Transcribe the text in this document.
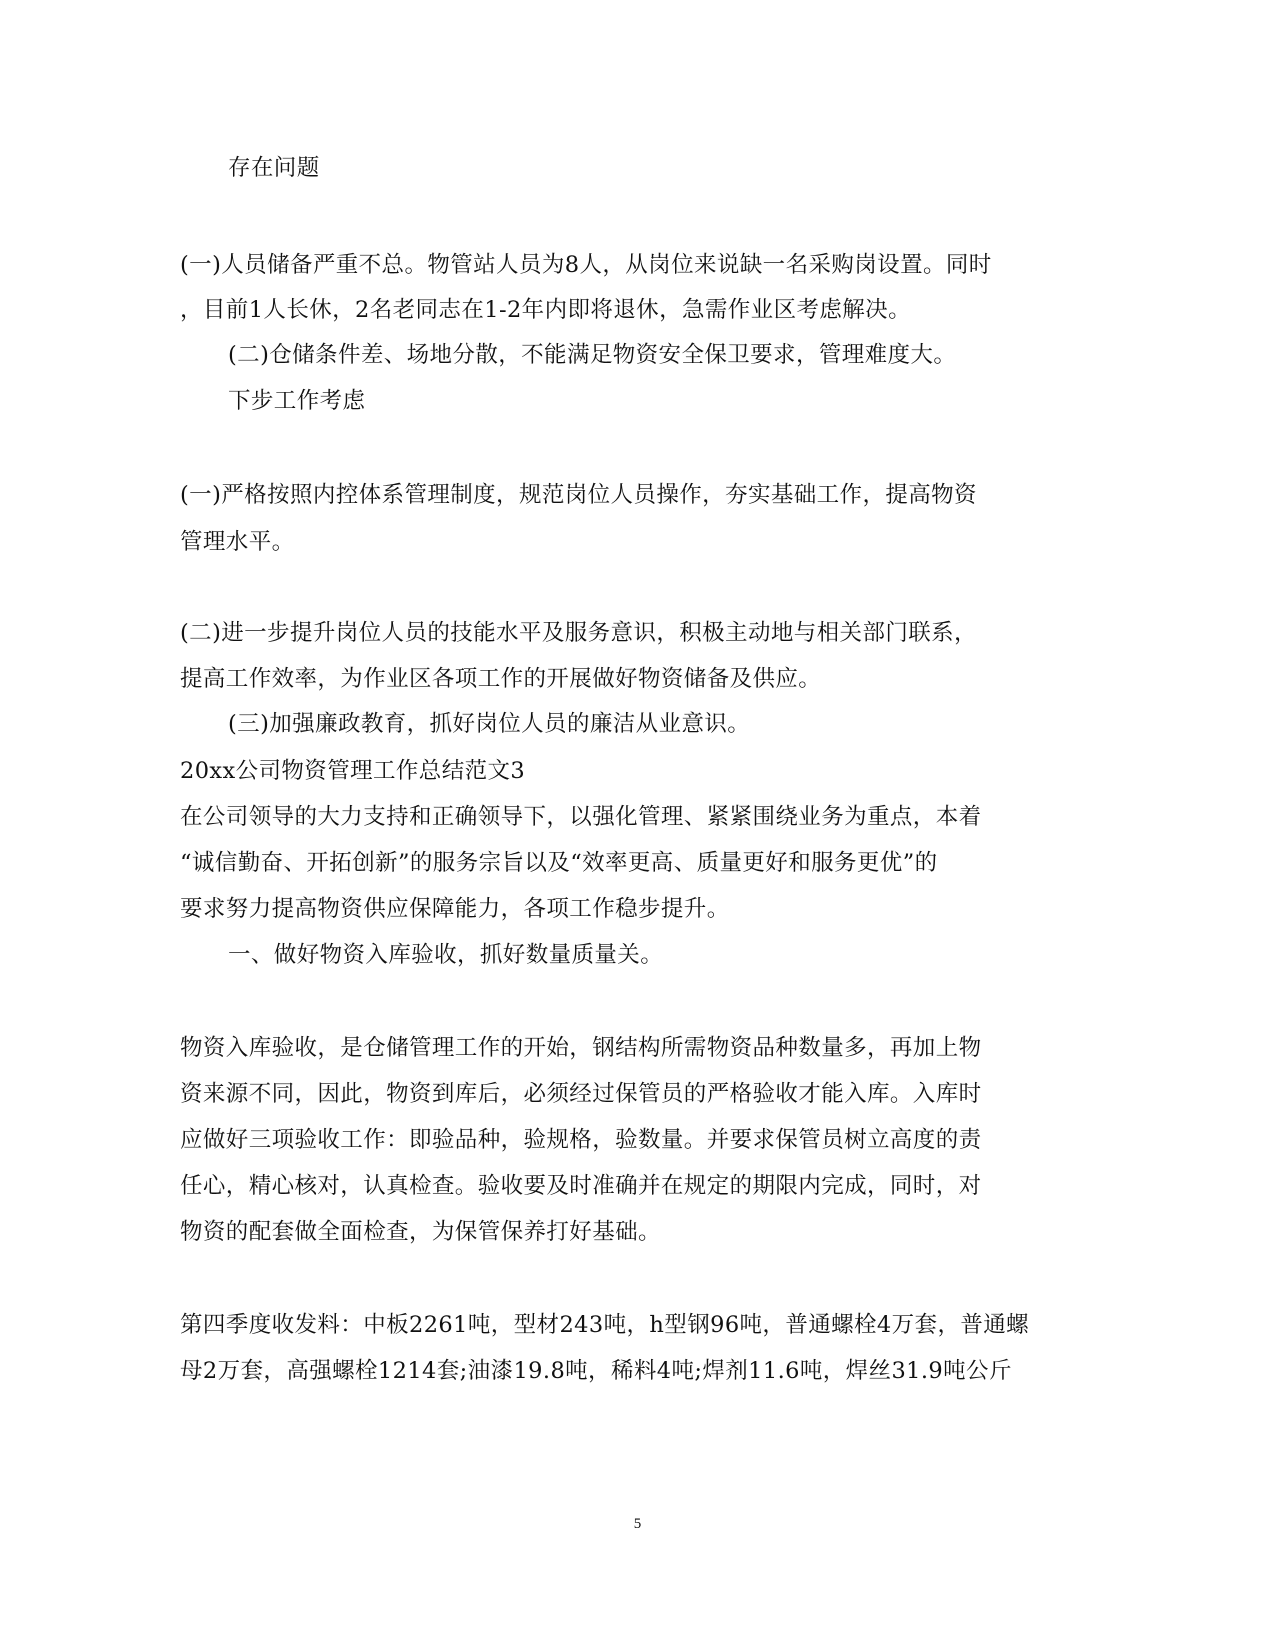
存在问题
(一)人员储备严重不总。物管站人员为8人，从岗位来说缺一名采购岗设置。同时
，目前1人长休，2名老同志在1-2年内即将退休，急需作业区考虑解决。
(二)仓储条件差、场地分散，不能满足物资安全保卫要求，管理难度大。
下步工作考虑
(一)严格按照内控体系管理制度，规范岗位人员操作，夯实基础工作，提高物资
管理水平。
(二)进一步提升岗位人员的技能水平及服务意识，积极主动地与相关部门联系，
提高工作效率，为作业区各项工作的开展做好物资储备及供应。
(三)加强廉政教育，抓好岗位人员的廉洁从业意识。
20xx公司物资管理工作总结范文3
在公司领导的大力支持和正确领导下，以强化管理、紧紧围绕业务为重点，本着
“诚信勤奋、开拓创新”的服务宗旨以及“效率更高、质量更好和服务更优”的
要求努力提高物资供应保障能力，各项工作稳步提升。
一、做好物资入库验收，抓好数量质量关。
物资入库验收，是仓储管理工作的开始，钢结构所需物资品种数量多，再加上物
资来源不同，因此，物资到库后，必须经过保管员的严格验收才能入库。入库时
应做好三项验收工作：即验品种，验规格，验数量。并要求保管员树立高度的责
任心，精心核对，认真检查。验收要及时准确并在规定的期限内完成，同时，对
物资的配套做全面检查，为保管保养打好基础。
第四季度收发料：中板2261吨，型材243吨，h型钢96吨，普通螺栓4万套，普通螺
母2万套，高强螺栓1214套;油漆19.8吨，稀料4吨;焊剂11.6吨，焊丝31.9吨公斤
5
